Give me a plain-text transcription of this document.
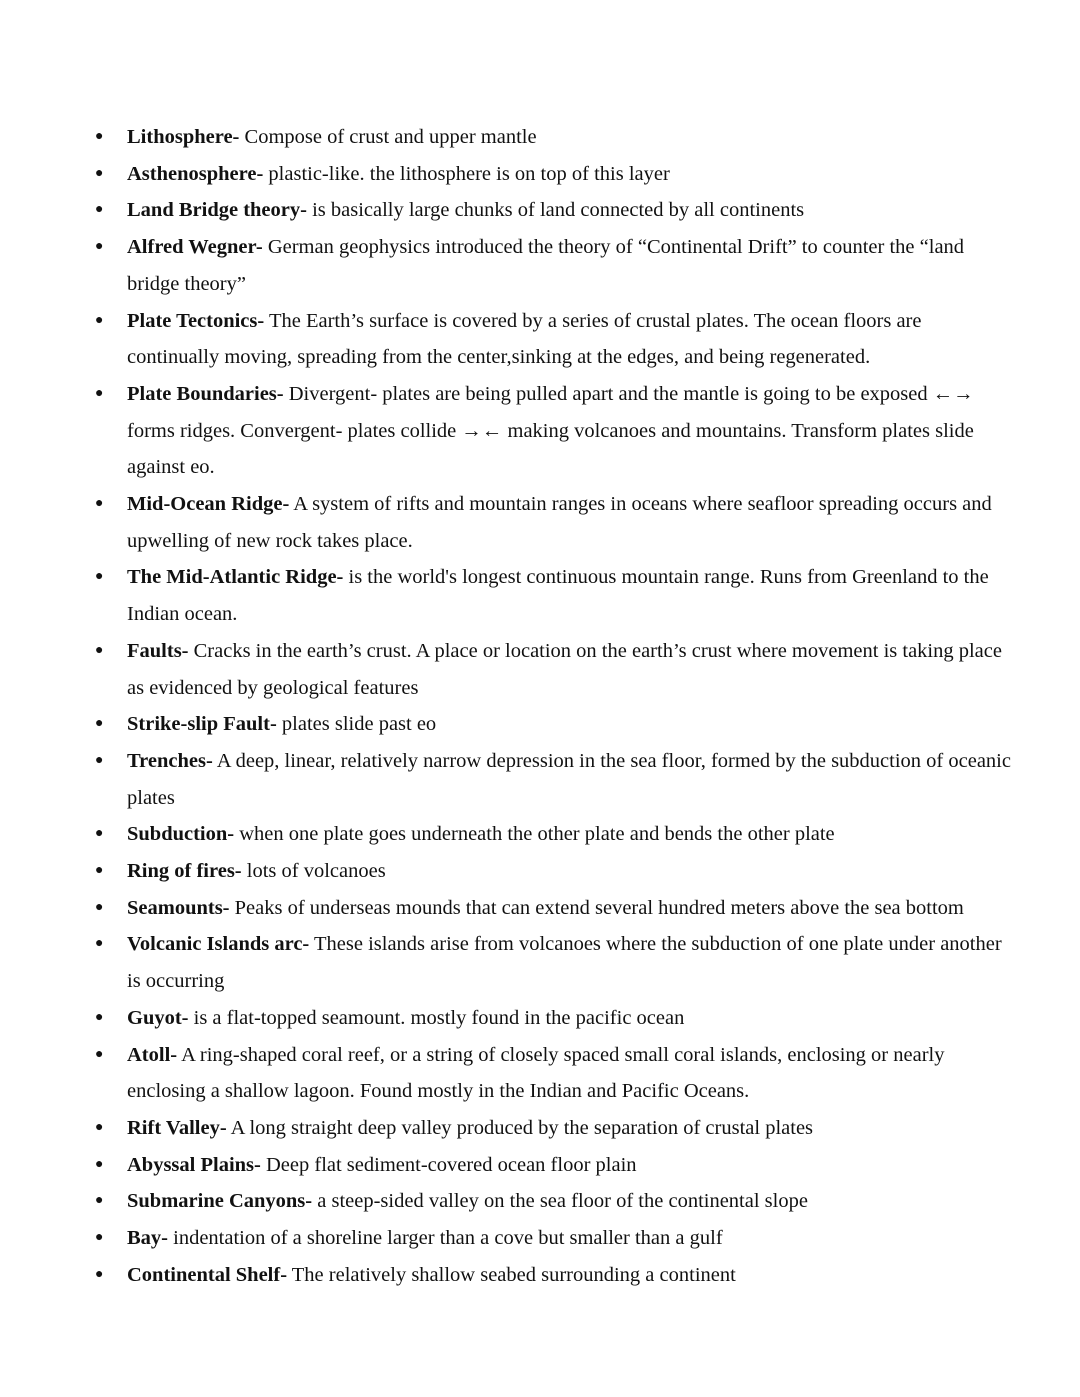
● Lithosphere- Compose of crust and upper mantle
● Asthenosphere- plastic-like. the lithosphere is on top of this layer
● Land Bridge theory- is basically large chunks of land connected by all continents
● Alfred Wegner- German geophysics introduced the theory of “Continental Drift” to counter the “land bridge theory”
● Plate Tectonics- The Earth’s surface is covered by a series of crustal plates. The ocean floors are continually moving, spreading from the center,sinking at the edges, and being regenerated.
● Plate Boundaries- Divergent- plates are being pulled apart and the mantle is going to be exposed ←→ forms ridges. Convergent- plates collide →← making volcanoes and mountains. Transform plates slide against eo.
● Mid-Ocean Ridge- A system of rifts and mountain ranges in oceans where seafloor spreading occurs and upwelling of new rock takes place.
● The Mid-Atlantic Ridge- is the world's longest continuous mountain range. Runs from Greenland to the Indian ocean.
● Faults- Cracks in the earth’s crust. A place or location on the earth’s crust where movement is taking place as evidenced by geological features
● Strike-slip Fault- plates slide past eo
● Trenches- A deep, linear, relatively narrow depression in the sea floor, formed by the subduction of oceanic plates
● Subduction- when one plate goes underneath the other plate and bends the other plate
● Ring of fires- lots of volcanoes
● Seamounts- Peaks of underseas mounds that can extend several hundred meters above the sea bottom
● Volcanic Islands arc- These islands arise from volcanoes where the subduction of one plate under another is occurring
● Guyot- is a flat-topped seamount. mostly found in the pacific ocean
● Atoll- A ring-shaped coral reef, or a string of closely spaced small coral islands, enclosing or nearly enclosing a shallow lagoon. Found mostly in the Indian and Pacific Oceans.
● Rift Valley- A long straight deep valley produced by the separation of crustal plates
● Abyssal Plains- Deep flat sediment-covered ocean floor plain
● Submarine Canyons- a steep-sided valley on the sea floor of the continental slope
● Bay- indentation of a shoreline larger than a cove but smaller than a gulf
● Continental Shelf- The relatively shallow seabed surrounding a continent
